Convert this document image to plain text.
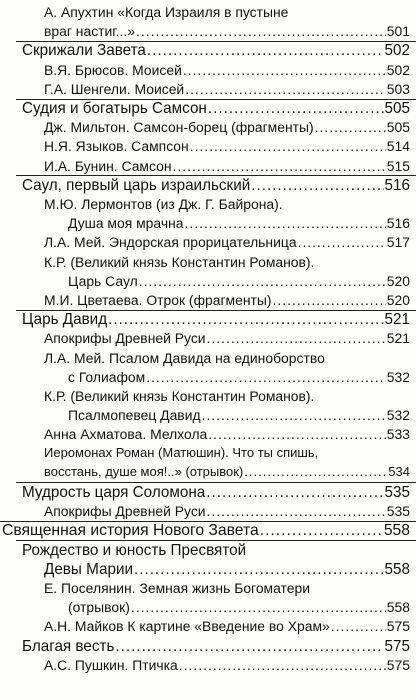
А. Апухтин «Когда Израиля в пустыне
враг настиг...» .....	501
Скрижали Завета .....	502
В.Я. Брюсов. Моисей .....	502
Г.А. Шенгели. Моисей .....	503
Судия и богатырь Самсон .....	505
Дж. Мильтон. Самсон-борец (фрагменты) .....	505
Н.Я. Языков. Сампсон .....	514
И.А. Бунин. Самсон .....	515
Саул, первый царь израильский .....	516
М.Ю. Лермонтов (из Дж. Г. Байрона).
Душа моя мрачна .....	516
Л.А. Мей. Эндорская прорицательница .....	517
К.Р. (Великий князь Константин Романов).
Царь Саул .....	520
М.И. Цветаева. Отрок (фрагменты) .....	520
Царь Давид .....	521
Апокрифы Древней Руси .....	521
Л.А. Мей. Псалом Давида на единоборство
с Голиафом .....	532
К.Р. (Великий князь Константин Романов).
Псалмопевец Давид .....	532
Анна Ахматова. Мелхола .....	533
Иеромонах Роман (Матюшин). Что ты спишь,
восстань, душе моя!..» (отрывок) .....	534
Мудрость царя Соломона .....	535
Апокрифы Древней Руси .....	535
Священная история Нового Завета .....	558
Рождество и юность Пресвятой
Девы Марии .....	558
Е. Поселянин. Земная жизнь Богоматери
(отрывок) .....	558
А.Н. Майков К картине «Введение во Храм» .....	575
Благая весть .....	575
А.С. Пушкин. Птичка .....	575
